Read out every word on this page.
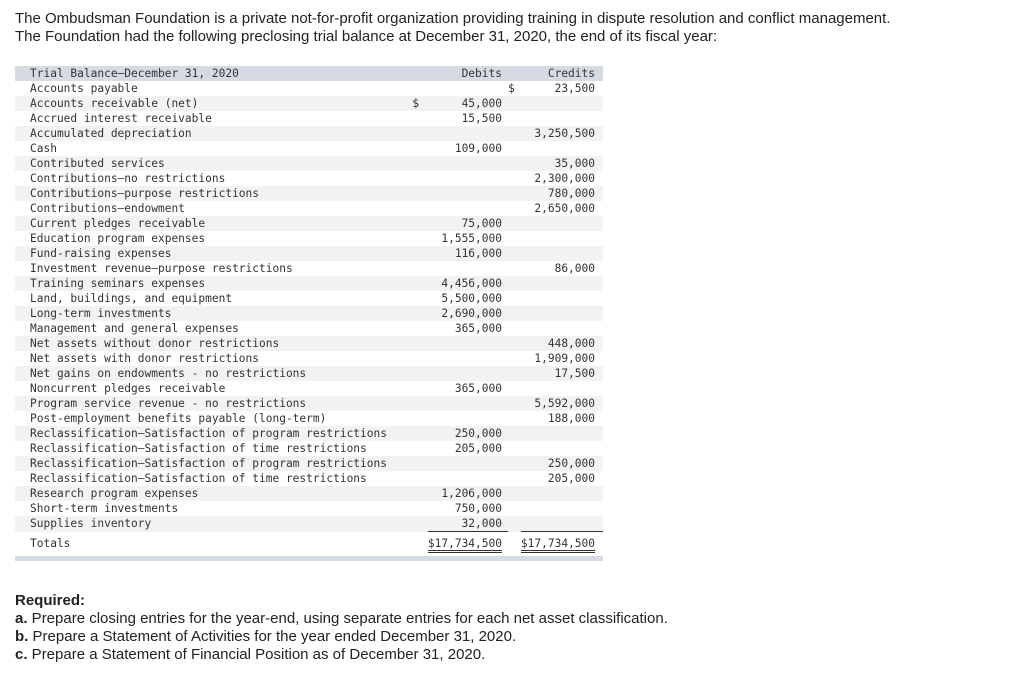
The Ombudsman Foundation is a private not-for-profit organization providing training in dispute resolution and conflict management.
The Foundation had the following preclosing trial balance at December 31, 2020, the end of its fiscal year:
Trial Balance—December 31, 2020		Debits		Credits
Accounts payable			$	23,500
Accounts receivable (net)	$	45,000		
Accrued interest receivable		15,500		
Accumulated depreciation				3,250,500
Cash		109,000		
Contributed services				35,000
Contributions—no restrictions				2,300,000
Contributions—purpose restrictions				780,000
Contributions—endowment				2,650,000
Current pledges receivable		75,000		
Education program expenses		1,555,000		
Fund-raising expenses		116,000		
Investment revenue—purpose restrictions				86,000
Training seminars expenses		4,456,000		
Land, buildings, and equipment		5,500,000		
Long-term investments		2,690,000		
Management and general expenses		365,000		
Net assets without donor restrictions				448,000
Net assets with donor restrictions				1,909,000
Net gains on endowments - no restrictions				17,500
Noncurrent pledges receivable		365,000		
Program service revenue - no restrictions				5,592,000
Post-employment benefits payable (long-term)				188,000
Reclassification—Satisfaction of program restrictions		250,000		
Reclassification—Satisfaction of time restrictions		205,000		
Reclassification—Satisfaction of program restrictions				250,000
Reclassification—Satisfaction of time restrictions				205,000
Research program expenses		1,206,000		
Short-term investments		750,000		
Supplies inventory		32,000		
Totals		$17,734,500		$17,734,500
Required:
a. Prepare closing entries for the year-end, using separate entries for each net asset classification.
b. Prepare a Statement of Activities for the year ended December 31, 2020.
c. Prepare a Statement of Financial Position as of December 31, 2020.
